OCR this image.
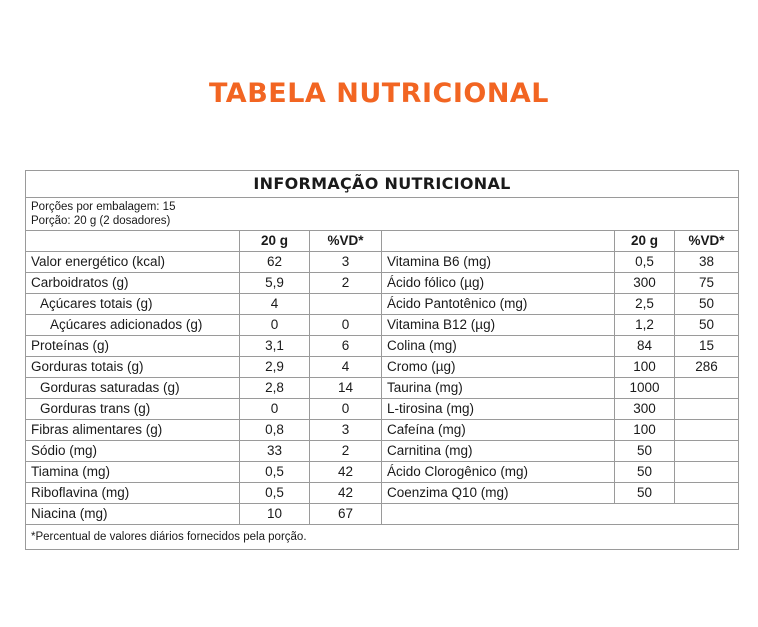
TABELA NUTRICIONAL
INFORMAÇÃO NUTRICIONAL					

Porções por embalagem: 15
Porção: 20 g (2 dosadores)					

	20 g	%VD*		20 g	%VD*
Valor energético (kcal)	62	3	Vitamina B6 (mg)	0,5	38
Carboidratos (g)	5,9	2	Ácido fólico (µg)	300	75
Açúcares totais (g)	4		Ácido Pantotênico (mg)	2,5	50
Açúcares adicionados (g)	0	0	Vitamina B12 (µg)	1,2	50
Proteínas (g)	3,1	6	Colina (mg)	84	15
Gorduras totais (g)	2,9	4	Cromo (µg)	100	286
Gorduras saturadas (g)	2,8	14	Taurina (mg)	1000	
Gorduras trans (g)	0	0	L-tirosina (mg)	300	
Fibras alimentares (g)	0,8	3	Cafeína (mg)	100	
Sódio (mg)	33	2	Carnitina (mg)	50	
Tiamina (mg)	0,5	42	Ácido Clorogênico (mg)	50	
Riboflavina (mg)	0,5	42	Coenzima Q10 (mg)	50	
Niacina (mg)	10	67			
*Percentual de valores diários fornecidos pela porção.					
